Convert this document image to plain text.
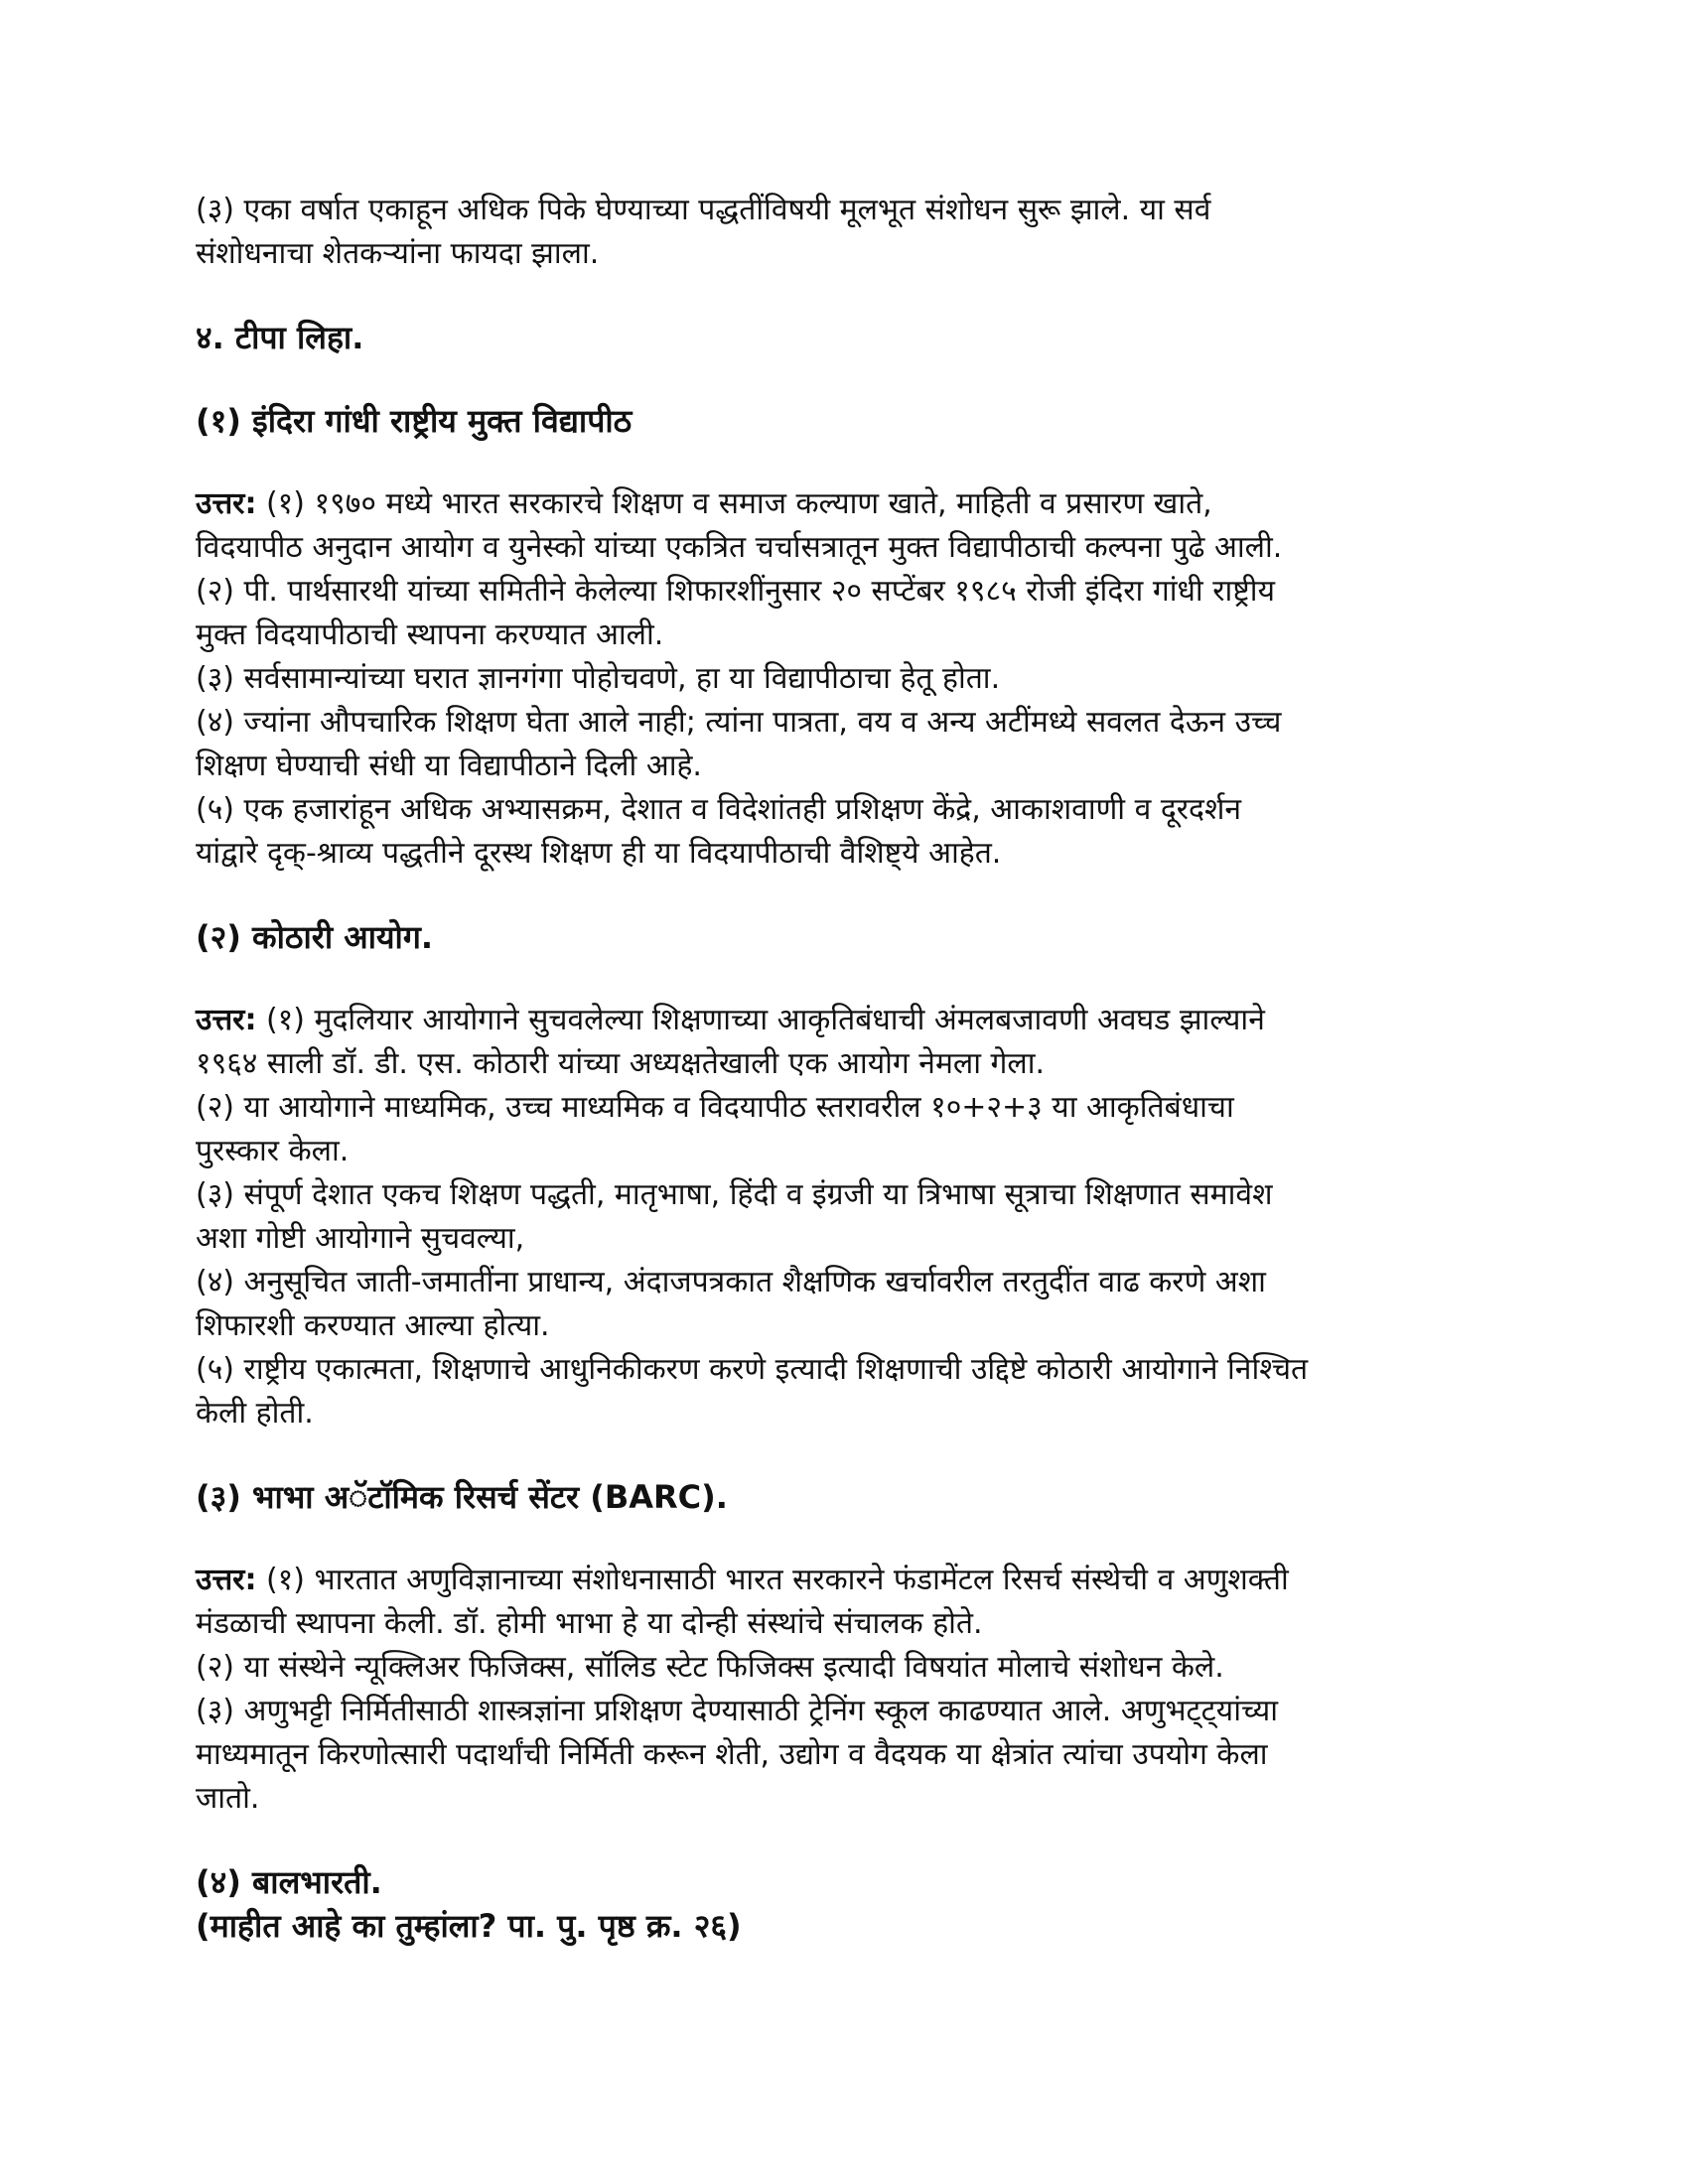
(३) एका वर्षात एकाहून अधिक पिके घेण्याच्या पद्धतींविषयी मूलभूत संशोधन सुरू झाले. या सर्व
संशोधनाचा शेतकऱ्यांना फायदा झाला.

४. टीपा लिहा.

(१) इंदिरा गांधी राष्ट्रीय मुक्त विद्यापीठ

उत्तर: (१) १९७० मध्ये भारत सरकारचे शिक्षण व समाज कल्याण खाते, माहिती व प्रसारण खाते,
विदयापीठ अनुदान आयोग व युनेस्को यांच्या एकत्रित चर्चासत्रातून मुक्त विद्यापीठाची कल्पना पुढे आली.
(२) पी. पार्थसारथी यांच्या समितीने केलेल्या शिफारशींनुसार २० सप्टेंबर १९८५ रोजी इंदिरा गांधी राष्ट्रीय
मुक्त विदयापीठाची स्थापना करण्यात आली.
(३) सर्वसामान्यांच्या घरात ज्ञानगंगा पोहोचवणे, हा या विद्यापीठाचा हेतू होता.
(४) ज्यांना औपचारिक शिक्षण घेता आले नाही; त्यांना पात्रता, वय व अन्य अटींमध्ये सवलत देऊन उच्च
शिक्षण घेण्याची संधी या विद्यापीठाने दिली आहे.
(५) एक हजारांहून अधिक अभ्यासक्रम, देशात व विदेशांतही प्रशिक्षण केंद्रे, आकाशवाणी व दूरदर्शन
यांद्वारे दृक्-श्राव्य पद्धतीने दूरस्थ शिक्षण ही या विदयापीठाची वैशिष्ट्ये आहेत.

(२) कोठारी आयोग.

उत्तर: (१) मुदलियार आयोगाने सुचवलेल्या शिक्षणाच्या आकृतिबंधाची अंमलबजावणी अवघड झाल्याने
१९६४ साली डॉ. डी. एस. कोठारी यांच्या अध्यक्षतेखाली एक आयोग नेमला गेला.
(२) या आयोगाने माध्यमिक, उच्च माध्यमिक व विदयापीठ स्तरावरील १०+२+३ या आकृतिबंधाचा
पुरस्कार केला.
(३) संपूर्ण देशात एकच शिक्षण पद्धती, मातृभाषा, हिंदी व इंग्रजी या त्रिभाषा सूत्राचा शिक्षणात समावेश
अशा गोष्टी आयोगाने सुचवल्या,
(४) अनुसूचित जाती-जमातींना प्राधान्य, अंदाजपत्रकात शैक्षणिक खर्चावरील तरतुदींत वाढ करणे अशा
शिफारशी करण्यात आल्या होत्या.
(५) राष्ट्रीय एकात्मता, शिक्षणाचे आधुनिकीकरण करणे इत्यादी शिक्षणाची उद्दिष्टे कोठारी आयोगाने निश्चित
केली होती.

(३) भाभा अॅटॉमिक रिसर्च सेंटर (BARC).

उत्तर: (१) भारतात अणुविज्ञानाच्या संशोधनासाठी भारत सरकारने फंडामेंटल रिसर्च संस्थेची व अणुशक्ती
मंडळाची स्थापना केली. डॉ. होमी भाभा हे या दोन्ही संस्थांचे संचालक होते.
(२) या संस्थेने न्यूक्लिअर फिजिक्स, सॉलिड स्टेट फिजिक्स इत्यादी विषयांत मोलाचे संशोधन केले.
(३) अणुभट्टी निर्मितीसाठी शास्त्रज्ञांना प्रशिक्षण देण्यासाठी ट्रेनिंग स्कूल काढण्यात आले. अणुभट्ट्यांच्या
माध्यमातून किरणोत्सारी पदार्थांची निर्मिती करून शेती, उद्योग व वैदयक या क्षेत्रांत त्यांचा उपयोग केला
जातो.

(४) बालभारती.
(माहीत आहे का तुम्हांला? पा. पु. पृष्ठ क्र. २६)
